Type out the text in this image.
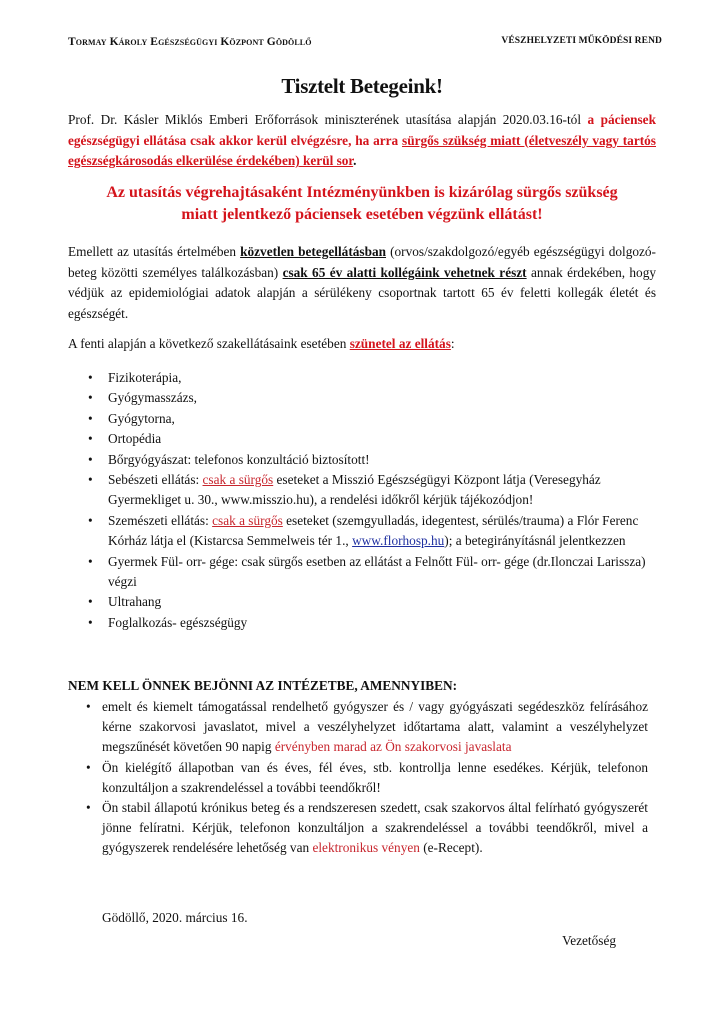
Tormay Károly Egészségügyi Központ Gödöllő	VÉSZHELYZETI MŰKÖDÉSI REND
Tisztelt Betegeink!
Prof. Dr. Kásler Miklós Emberi Erőforrások miniszterének utasítása alapján 2020.03.16-tól a páciensek egészségügyi ellátása csak akkor kerül elvégzésre, ha arra sürgős szükség miatt (életveszély vagy tartós egészségkárosodás elkerülése érdekében) kerül sor.
Az utasítás végrehajtásaként Intézményünkben is kizárólag sürgős szükség
miatt jelentkező páciensek esetében végzünk ellátást!
Emellett az utasítás értelmében közvetlen betegellátásban (orvos/szakdolgozó/egyéb egészségügyi dolgozó-beteg közötti személyes találkozásban) csak 65 év alatti kollégáink vehetnek részt annak érdekében, hogy védjük az epidemiológiai adatok alapján a sérülékeny csoportnak tartott 65 év feletti kollegák életét és egészségét.
A fenti alapján a következő szakellátásaink esetében szünetel az ellátás:
• Fizikoterápia,
• Gyógymasszázs,
• Gyógytorna,
• Ortopédia
• Bőrgyógyászat: telefonos konzultáció biztosított!
• Sebészeti ellátás: csak a sürgős eseteket a Misszió Egészségügyi Központ látja (Veresegyház Gyermekliget u. 30., www.misszio.hu), a rendelési időkről kérjük tájékozódjon!
• Szemészeti ellátás: csak a sürgős eseteket (szemgyulladás, idegentest, sérülés/trauma) a Flór Ferenc Kórház látja el (Kistarcsa Semmelweis tér 1., www.florhosp.hu); a betegirányításnál jelentkezzen
• Gyermek Fül- orr- gége: csak sürgős esetben az ellátást a Felnőtt Fül- orr- gége (dr.Ilonczai Larissza) végzi
• Ultrahang
• Foglalkozás- egészségügy
NEM KELL ÖNNEK BEJÖNNI AZ INTÉZETBE, AMENNYIBEN:
• emelt és kiemelt támogatással rendelhető gyógyszer és / vagy gyógyászati segédeszköz felírásához kérne szakorvosi javaslatot, mivel a veszélyhelyzet időtartama alatt, valamint a veszélyhelyzet megszűnését követően 90 napig érvényben marad az Ön szakorvosi javaslata
• Ön kielégítő állapotban van és éves, fél éves, stb. kontrollja lenne esedékes. Kérjük, telefonon konzultáljon a szakrendeléssel a további teendőkről!
• Ön stabil állapotú krónikus beteg és a rendszeresen szedett, csak szakorvos által felírható gyógyszerét jönne felíratni. Kérjük, telefonon konzultáljon a szakrendeléssel a további teendőkről, mivel a gyógyszerek rendelésére lehetőség van elektronikus vényen (e-Recept).
Gödöllő, 2020. március 16.
Vezetőség
